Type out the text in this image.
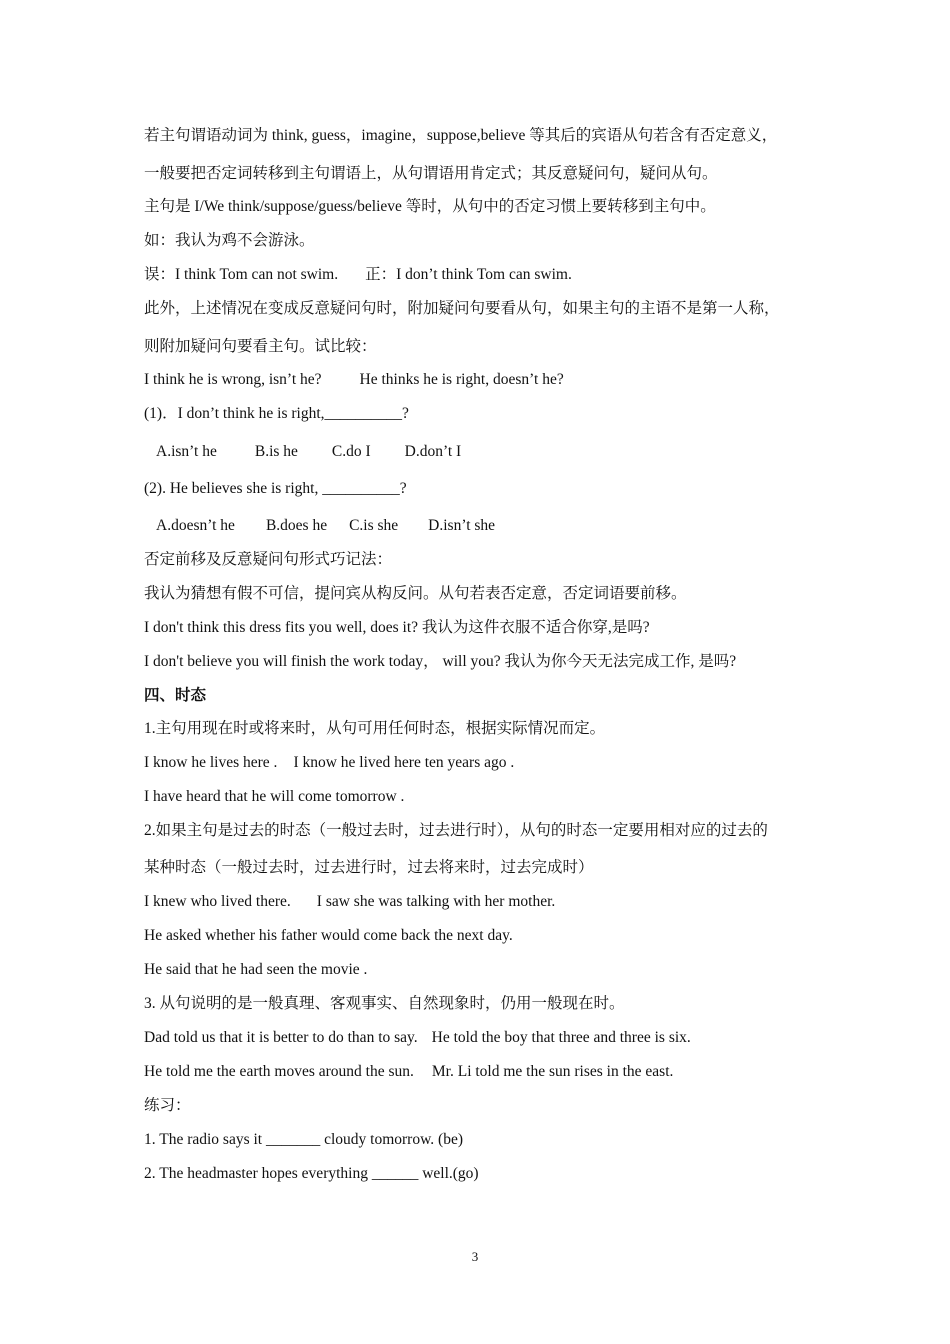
若主句谓语动词为 think, guess，imagine，suppose,believe 等其后的宾语从句若含有否定意义，
一般要把否定词转移到主句谓语上，从句谓语用肯定式；其反意疑问句，疑问从句。
主句是 I/We think/suppose/guess/believe 等时，从句中的否定习惯上要转移到主句中。
如：我认为鸡不会游泳。
误：I think Tom can not swim. 正：I don’t think Tom can swim.
此外，上述情况在变成反意疑问句时，附加疑问句要看从句，如果主句的主语不是第一人称，
则附加疑问句要看主句。试比较：
I think he is wrong, isn’t he? He thinks he is right, doesn’t he?
(1)．I don’t think he is right,__________?
A.isn’t he B.is he C.do I D.don’t I
(2). He believes she is right, __________?
A.doesn’t he B.does he C.is she D.isn’t she
否定前移及反意疑问句形式巧记法：
我认为猜想有假不可信，提问宾从构反问。从句若表否定意，否定词语要前移。
I don't think this dress fits you well, does it? 我认为这件衣服不适合你穿,是吗?
I don't believe you will finish the work today， will you? 我认为你今天无法完成工作, 是吗?
四、时态
1.主句用现在时或将来时，从句可用任何时态，根据实际情况而定。
I know he lives here . I know he lived here ten years ago .
I have heard that he will come tomorrow .
2.如果主句是过去的时态（一般过去时，过去进行时），从句的时态一定要用相对应的过去的
某种时态（一般过去时，过去进行时，过去将来时，过去完成时）
I knew who lived there. I saw she was talking with her mother.
He asked whether his father would come back the next day.
He said that he had seen the movie .
3. 从句说明的是一般真理、客观事实、自然现象时，仍用一般现在时。
Dad told us that it is better to do than to say. He told the boy that three and three is six.
He told me the earth moves around the sun. Mr. Li told me the sun rises in the east.
练习：
1. The radio says it _______ cloudy tomorrow. (be)
2. The headmaster hopes everything ______ well.(go)
3
